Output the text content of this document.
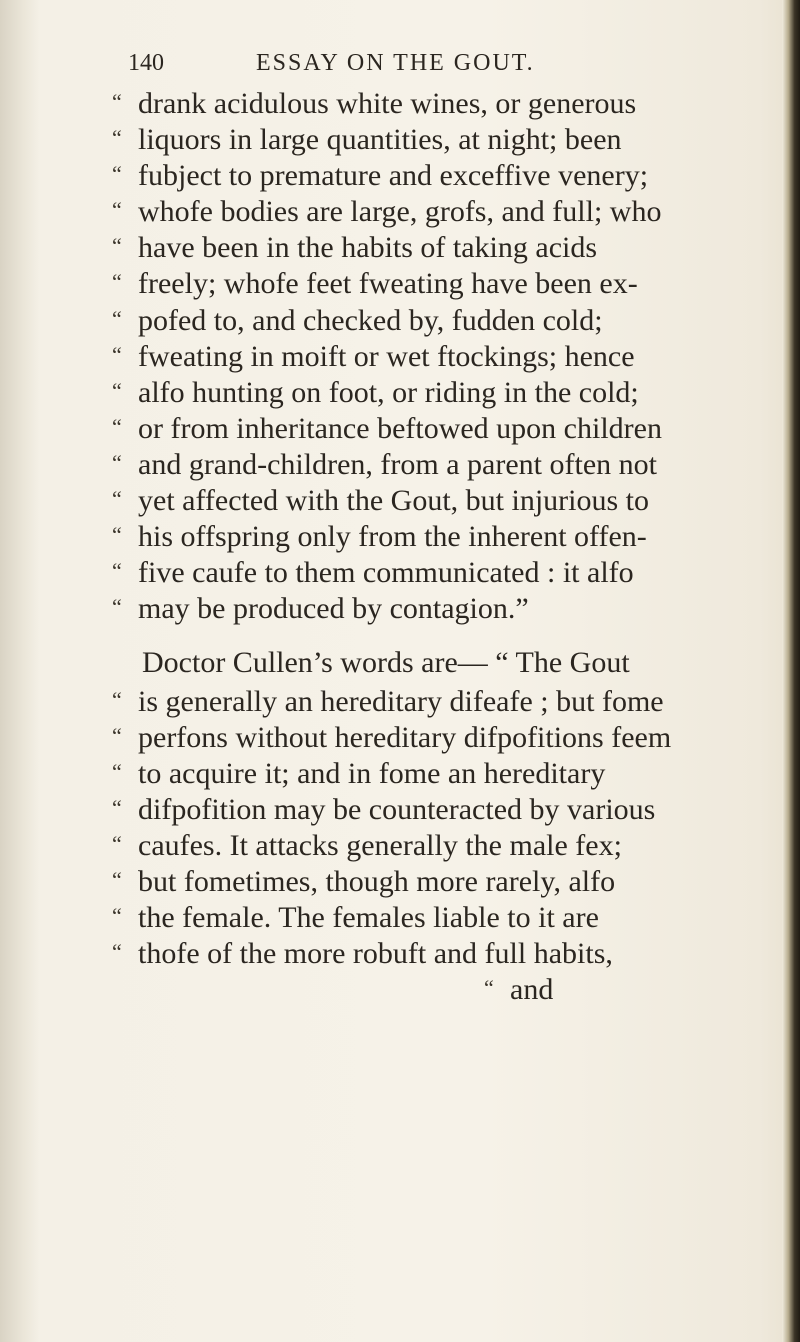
140	ESSAY ON THE GOUT.
“ drank acidulous white wines, or generous
“ liquors in large quantities, at night; been
“ fubject to premature and exceffive venery;
“ whofe bodies are large, grofs, and full; who
“ have been in the habits of taking acids
“ freely; whofe feet fweating have been ex-
“ pofed to, and checked by, fudden cold;
“ fweating in moift or wet ftockings; hence
“ alfo hunting on foot, or riding in the cold;
“ or from inheritance beftowed upon children
“ and grand-children, from a parent often not
“ yet affected with the Gout, but injurious to
“ his offspring only from the inherent offen-
“ five caufe to them communicated : it alfo
“ may be produced by contagion.”
Doctor Cullen’s words are— “ The Gout
“ is generally an hereditary difeafe ; but fome
“ perfons without hereditary difpofitions feem
“ to acquire it; and in fome an hereditary
“ difpofition may be counteracted by various
“ caufes. It attacks generally the male fex;
“ but fometimes, though more rarely, alfo
“ the female. The females liable to it are
“ thofe of the more robuft and full habits,
“ and
